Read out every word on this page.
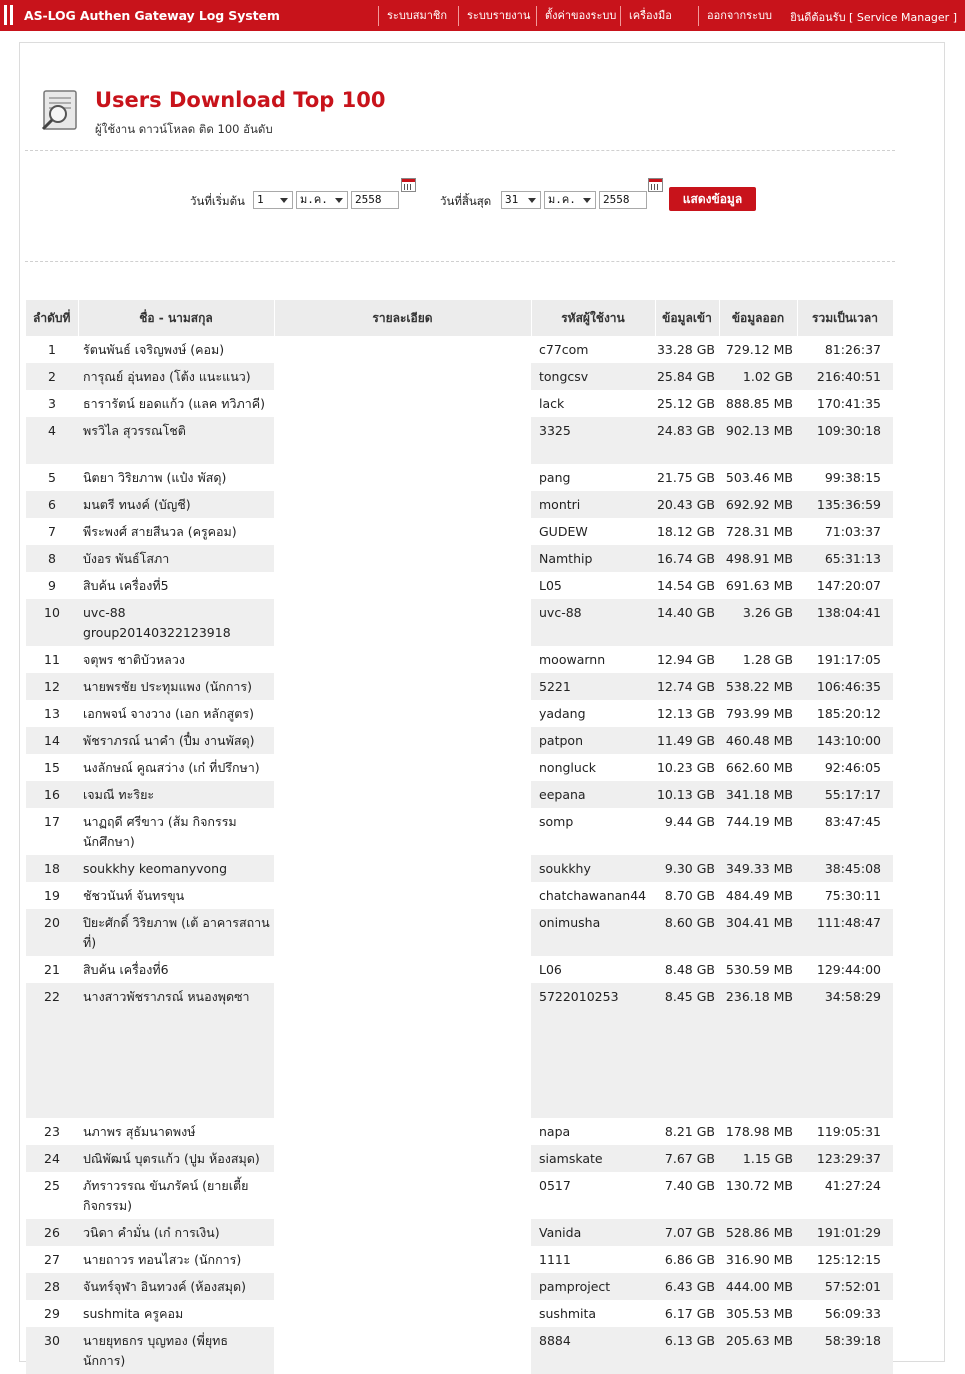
AS-LOG Authen Gateway Log System	ระบบสมาชิก	ระบบรายงาน	ตั้งค่าของระบบ	เครื่องมือ	ออกจากระบบ	ยินดีต้อนรับ [ Service Manager ]
Users Download Top 100
ผู้ใช้งาน ดาวน์โหลด ติด 100 อันดับ
วันที่เริ่มต้น	1	ม.ค.	2558	วันที่สิ้นสุด	31	ม.ค.	2558	แสดงข้อมูล
ลำดับที่	ชื่อ - นามสกุล	รายละเอียด	รหัสผู้ใช้งาน	ข้อมูลเข้า	ข้อมูลออก	รวมเป็นเวลา
1	รัตนพันธ์ เจริญพงษ์ (คอม)		c77com	33.28 GB	729.12 MB	81:26:37
2	การุณย์ อุ่นทอง (โต้ง แนะแนว)		tongcsv	25.84 GB	1.02 GB	216:40:51
3	ธารารัตน์ ยอดแก้ว (แลค ทวิภาคี)		lack	25.12 GB	888.85 MB	170:41:35
4	พรวิไล สุวรรณโชติ		3325	24.83 GB	902.13 MB	109:30:18
5	นิตยา วิริยภาพ (แป๋ง พัสดุ)		pang	21.75 GB	503.46 MB	99:38:15
6	มนตรี ทนงค์ (บัญชี)		montri	20.43 GB	692.92 MB	135:36:59
7	พีระพงศ์ สายสีนวล (ครูคอม)		GUDEW	18.12 GB	728.31 MB	71:03:37
8	บังอร พันธ์โสภา		Namthip	16.74 GB	498.91 MB	65:31:13
9	สิบค้น เครื่องที่5		L05	14.54 GB	691.63 MB	147:20:07
10	uvc-88 group20140322123918		uvc-88	14.40 GB	3.26 GB	138:04:41
11	จตุพร ชาติบัวหลวง		moowarnn	12.94 GB	1.28 GB	191:17:05
12	นายพรชัย ประทุมแพง (นักการ)		5221	12.74 GB	538.22 MB	106:46:35
13	เอกพจน์ จางวาง (เอก หลักสูตร)		yadang	12.13 GB	793.99 MB	185:20:12
14	พัชราภรณ์ นาคำ (ปื๋ม งานพัสดุ)		patpon	11.49 GB	460.48 MB	143:10:00
15	นงลักษณ์ คูณสว่าง (เก๋ ที่ปรึกษา)		nongluck	10.23 GB	662.60 MB	92:46:05
16	เจมณี ทะริยะ		eepana	10.13 GB	341.18 MB	55:17:17
17	นาฏฤดี ศรีขาว (ส้ม กิจกรรมนักศึกษา)		somp	9.44 GB	744.19 MB	83:47:45
18	soukkhy keomanyvong		soukkhy	9.30 GB	349.33 MB	38:45:08
19	ชัชวนันท์ จันทรขุน		chatchawanan44	8.70 GB	484.49 MB	75:30:11
20	ปิยะศักดิ์ วิริยภาพ (เต้ อาคารสถานที่)		onimusha	8.60 GB	304.41 MB	111:48:47
21	สิบค้น เครื่องที่6		L06	8.48 GB	530.59 MB	129:44:00
22	นางสาวพัชราภรณ์ หนองพุดซา		5722010253	8.45 GB	236.18 MB	34:58:29
23	นภาพร สุธัมนาดพงษ์		napa	8.21 GB	178.98 MB	119:05:31
24	ปณิพัฒน์ บุตรแก้ว (ปูม ห้องสมุด)		siamskate	7.67 GB	1.15 GB	123:29:37
25	ภัทราวรรณ ขันภรัคน์ (ยายเตี้ย กิจกรรม)		0517	7.40 GB	130.72 MB	41:27:24
26	วนิดา คำมั่น (เก๋ การเงิน)		Vanida	7.07 GB	528.86 MB	191:01:29
27	นายถาวร ทอนไสวะ (นักการ)		1111	6.86 GB	316.90 MB	125:12:15
28	จันทร์จุฬา อินทวงค์ (ห้องสมุด)		pamproject	6.43 GB	444.00 MB	57:52:01
29	sushmita ครูคอม		sushmita	6.17 GB	305.53 MB	56:09:33
30	นายยุทธกร บุญทอง (พี่ยุทธ นักการ)		8884	6.13 GB	205.63 MB	58:39:18
